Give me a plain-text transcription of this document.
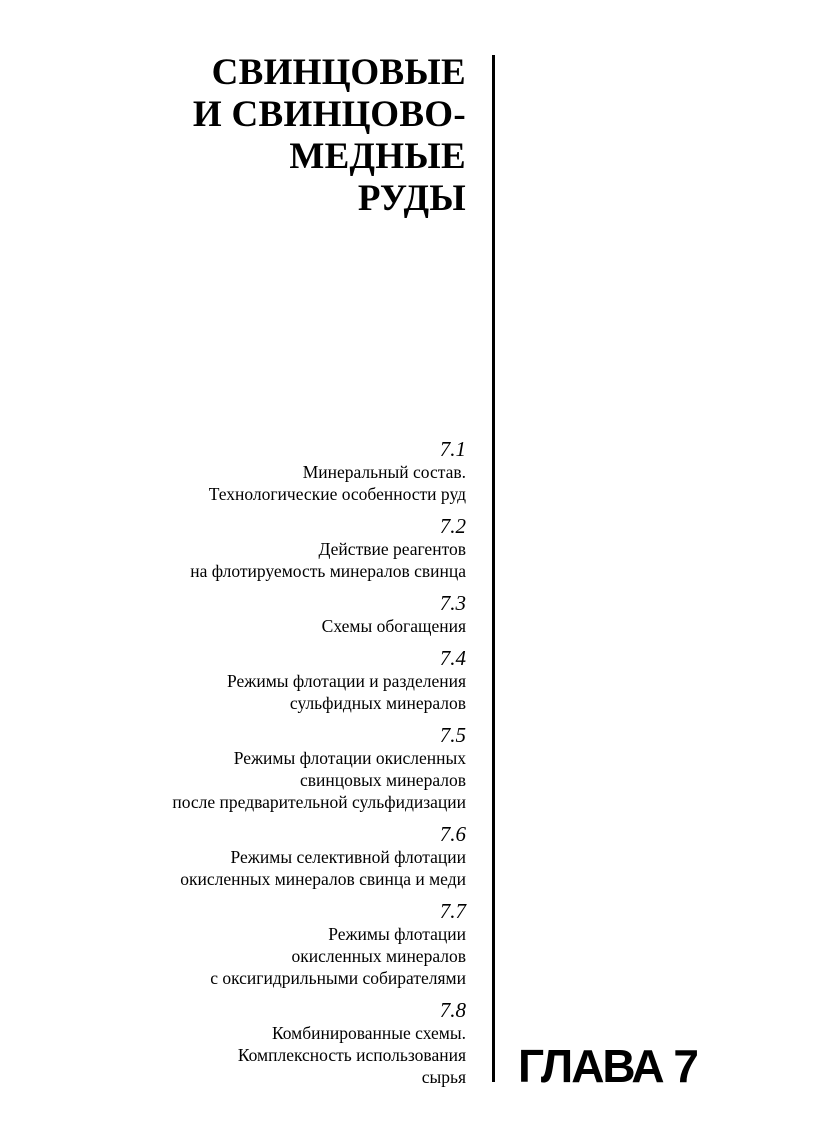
СВИНЦОВЫЕ
И СВИНЦОВО-
МЕДНЫЕ
РУДЫ
7.1
Минеральный состав.
Технологические особенности руд
7.2
Действие реагентов
на флотируемость минералов свинца
7.3
Схемы обогащения
7.4
Режимы флотации и разделения
сульфидных минералов
7.5
Режимы флотации окисленных
свинцовых минералов
после предварительной сульфидизации
7.6
Режимы селективной флотации
окисленных минералов свинца и меди
7.7
Режимы флотации
окисленных минералов
с оксигидрильными собирателями
7.8
Комбинированные схемы.
Комплексность использования
сырья ГЛАВА 7
